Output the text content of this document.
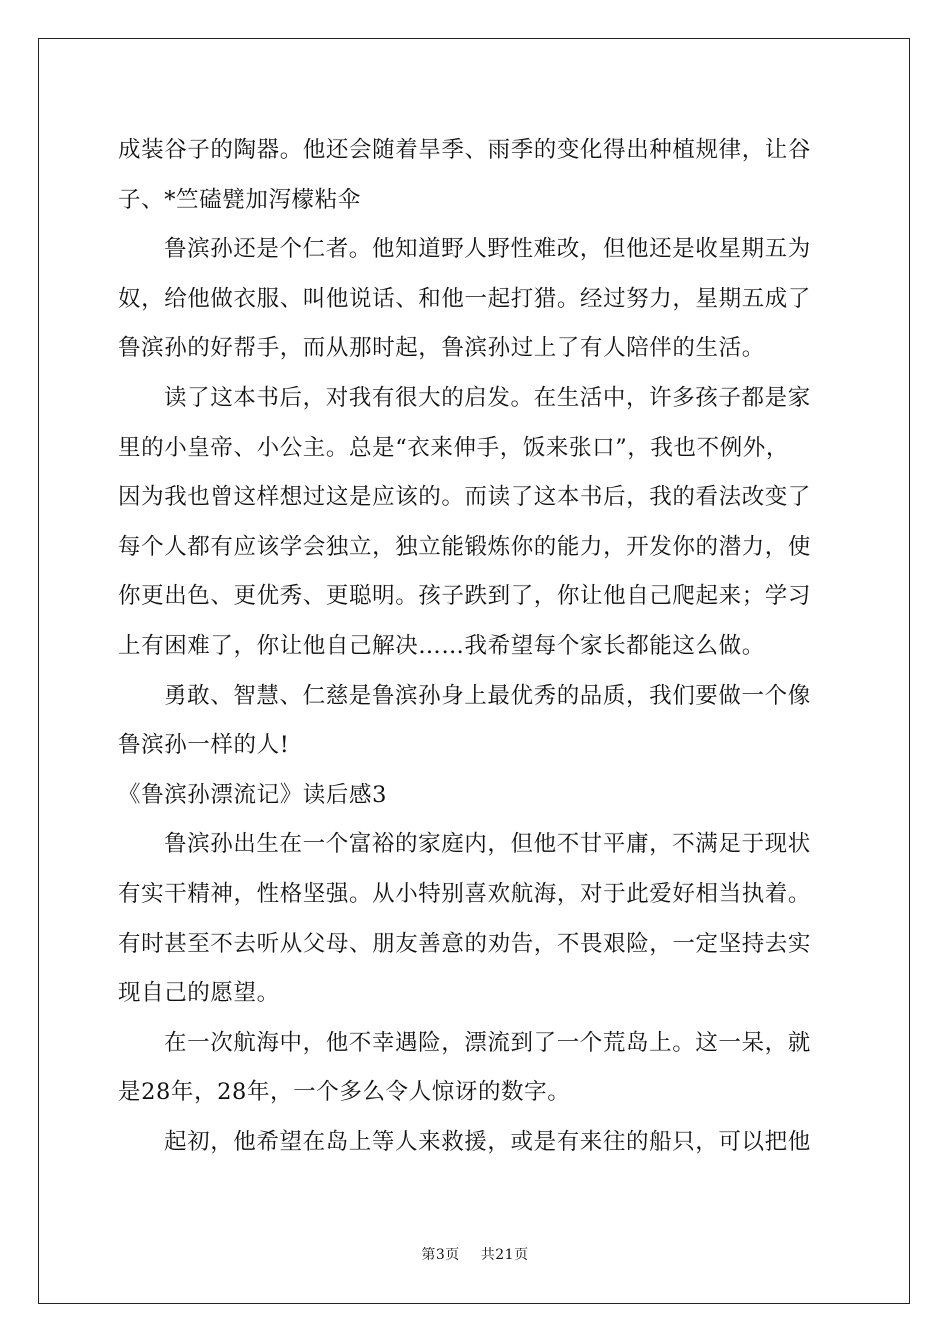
成装谷子的陶器。他还会随着旱季、雨季的变化得出种植规律，让谷
子、*竺磕甓加泻檬粘伞
鲁滨孙还是个仁者。他知道野人野性难改，但他还是收星期五为
奴，给他做衣服、叫他说话、和他一起打猎。经过努力，星期五成了
鲁滨孙的好帮手，而从那时起，鲁滨孙过上了有人陪伴的生活。
读了这本书后，对我有很大的启发。在生活中，许多孩子都是家
里的小皇帝、小公主。总是“衣来伸手，饭来张口”，我也不例外，
因为我也曾这样想过这是应该的。而读了这本书后，我的看法改变了
每个人都有应该学会独立，独立能锻炼你的能力，开发你的潜力，使
你更出色、更优秀、更聪明。孩子跌到了，你让他自己爬起来；学习
上有困难了，你让他自己解决……我希望每个家长都能这么做。
勇敢、智慧、仁慈是鲁滨孙身上最优秀的品质，我们要做一个像
鲁滨孙一样的人!
《鲁滨孙漂流记》读后感3
鲁滨孙出生在一个富裕的家庭内，但他不甘平庸，不满足于现状
有实干精神，性格坚强。从小特别喜欢航海，对于此爱好相当执着。
有时甚至不去听从父母、朋友善意的劝告，不畏艰险，一定坚持去实
现自己的愿望。
在一次航海中，他不幸遇险，漂流到了一个荒岛上。这一呆，就
是28年，28年，一个多么令人惊讶的数字。
起初，他希望在岛上等人来救援，或是有来往的船只，可以把他
第3页 共21页
